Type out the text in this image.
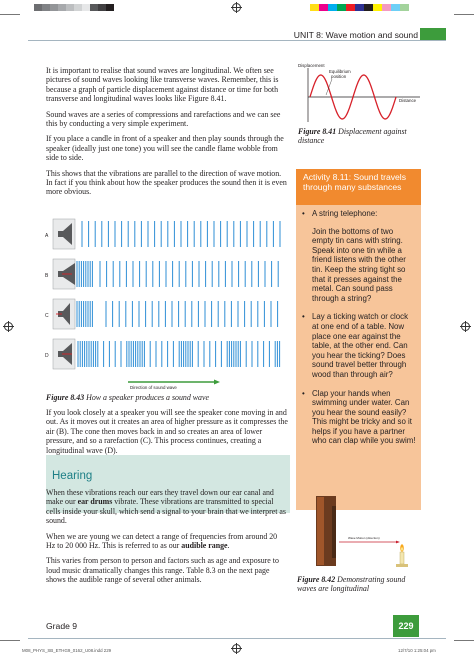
UNIT 8: Wave motion and sound

It is important to realise that sound waves are longitudinal. We often see pictures of sound waves looking like transverse waves. Remember, this is because a graph of particle displacement against distance or time for both transverse and longitudinal waves looks like Figure 8.41.

Sound waves are a series of compressions and rarefactions and we can see this by conducting a very simple experiment.

If you place a candle in front of a speaker and then play sounds through the speaker (ideally just one tone) you will see the candle flame wobble from side to side.

This shows that the vibrations are parallel to the direction of wave motion. In fact if you think about how the speaker produces the sound then it is even more obvious.

A
B
C
D
Direction of sound wave
Figure 8.43 How a speaker produces a sound wave

If you look closely at a speaker you will see the speaker cone moving in and out. As it moves out it creates an area of higher pressure as it compresses the air (B). The cone then moves back in and so creates an area of lower pressure, and so a rarefaction (C). This process continues, creating a longitudinal wave (D).

Hearing

When these vibrations reach our ears they travel down our ear canal and make our ear drums vibrate. These vibrations are transmitted to special cells inside your skull, which send a signal to your brain that we interpret as sound.

When we are young we can detect a range of frequencies from around 20 Hz to 20 000 Hz. This is referred to as our audible range.

This varies from person to person and factors such as age and exposure to loud music dramatically changes this range. Table 8.3 on the next page shows the audible range of several other animals.

Displacement
Equilibrium
position
Distance
Figure 8.41 Displacement against distance
• A string telephone:
Join the bottoms of two empty tin cans with string. Speak into one tin while a friend listens with the other tin. Keep the string tight so that it presses against the metal. Can sound pass through a string?
• Lay a ticking watch or clock at one end of a table. Now place one ear against the table, at the other end. Can you hear the ticking? Does sound travel better through wood than through air?
• Clap your hands when swimming under water. Can you hear the sound easily? This might be tricky and so it helps if you have a partner who can clap while you swim!
Activity 8.11: Sound travels through many substances
Wave Motion (direction)
Figure 8.42 Demonstrating sound waves are longitudinal
Grade 9	229
M08_PHYS_SB_ETHG9_0162_U08.indd 229	12/7/10 1:25:04 pm
